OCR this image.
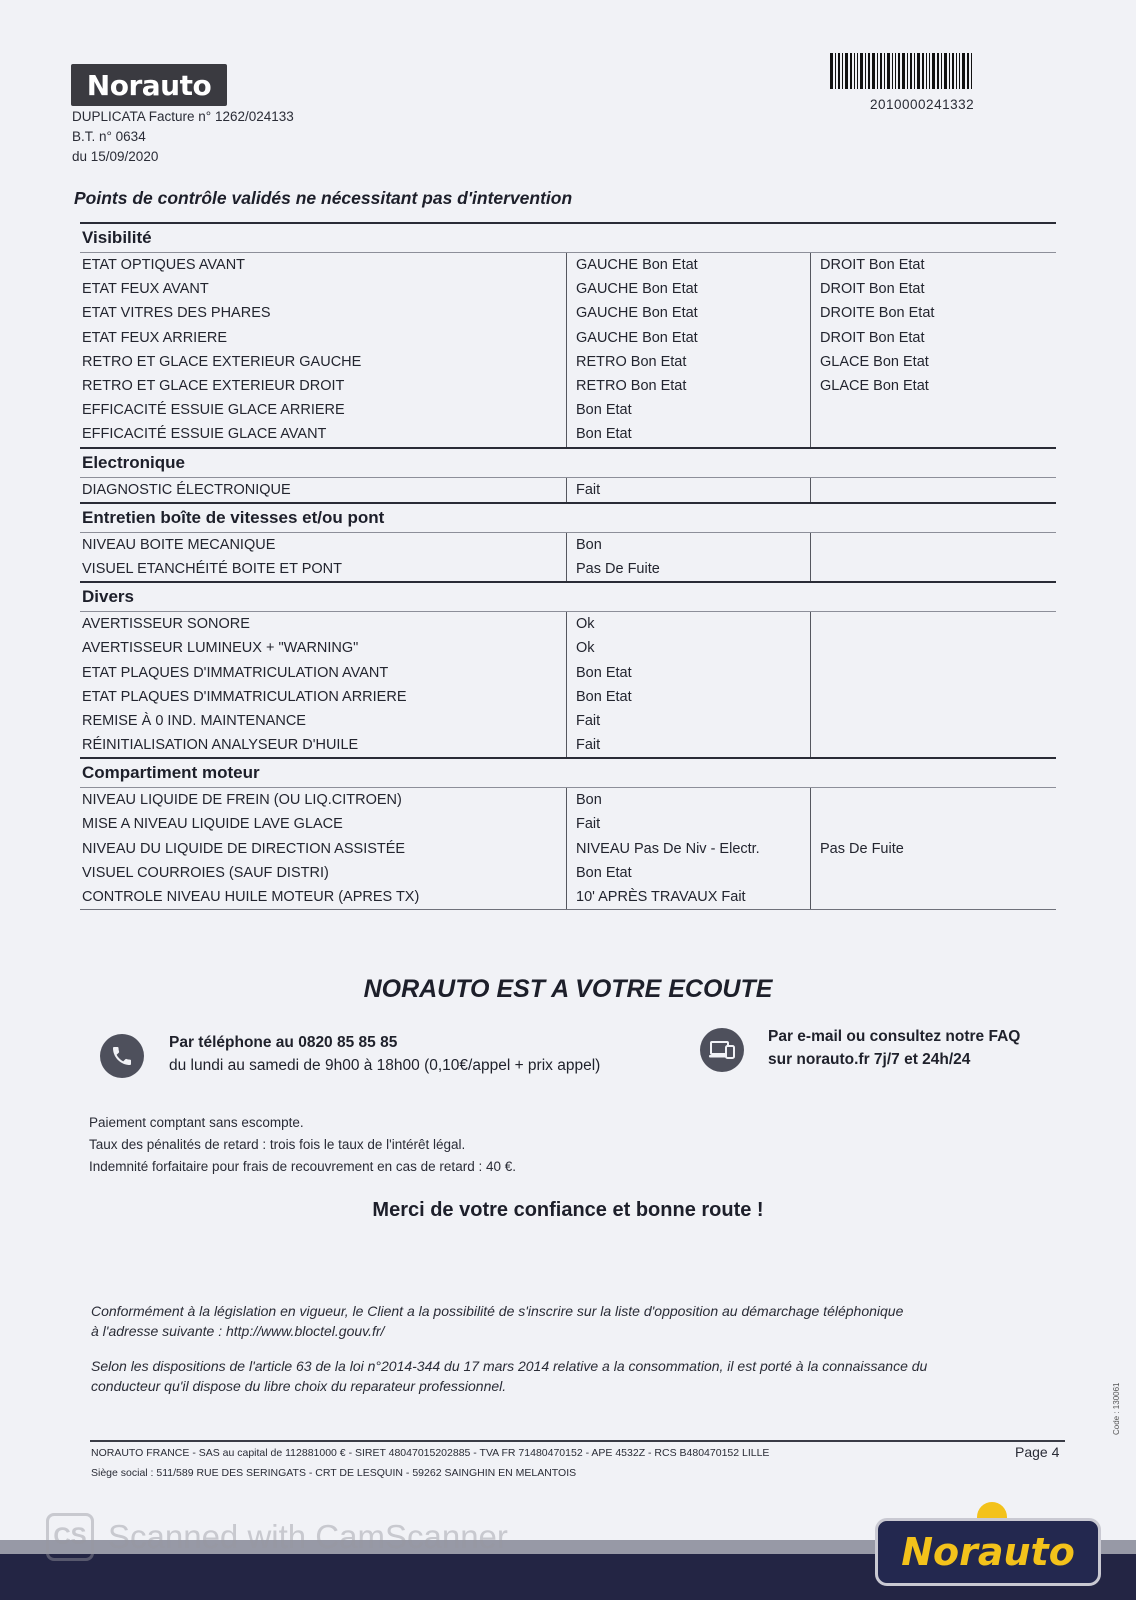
Norauto
DUPLICATA Facture n° 1262/024133
B.T. n° 0634
du 15/09/2020
2010000241332
Points de contrôle validés ne nécessitant pas d'intervention
Visibilité
ETAT OPTIQUES AVANT	GAUCHE Bon Etat	DROIT Bon Etat
ETAT FEUX AVANT	GAUCHE Bon Etat	DROIT Bon Etat
ETAT VITRES DES PHARES	GAUCHE Bon Etat	DROITE Bon Etat
ETAT FEUX ARRIERE	GAUCHE Bon Etat	DROIT Bon Etat
RETRO ET GLACE EXTERIEUR GAUCHE	RETRO Bon Etat	GLACE Bon Etat
RETRO ET GLACE EXTERIEUR DROIT	RETRO Bon Etat	GLACE Bon Etat
EFFICACITÉ ESSUIE GLACE ARRIERE	Bon Etat
EFFICACITÉ ESSUIE GLACE AVANT	Bon Etat
Electronique
DIAGNOSTIC ÉLECTRONIQUE	Fait
Entretien boîte de vitesses et/ou pont
NIVEAU BOITE MECANIQUE	Bon
VISUEL ETANCHÉITÉ BOITE ET PONT	Pas De Fuite
Divers
AVERTISSEUR SONORE	Ok
AVERTISSEUR LUMINEUX + "WARNING"	Ok
ETAT PLAQUES D'IMMATRICULATION AVANT	Bon Etat
ETAT PLAQUES D'IMMATRICULATION ARRIERE	Bon Etat
REMISE À 0 IND. MAINTENANCE	Fait
RÉINITIALISATION ANALYSEUR D'HUILE	Fait
Compartiment moteur
NIVEAU LIQUIDE DE FREIN (OU LIQ.CITROEN)	Bon
MISE A NIVEAU LIQUIDE LAVE GLACE	Fait
NIVEAU DU LIQUIDE DE DIRECTION ASSISTÉE	NIVEAU Pas De Niv - Electr.	Pas De Fuite
VISUEL COURROIES (SAUF DISTRI)	Bon Etat
CONTROLE NIVEAU HUILE MOTEUR (APRES TX)	10' APRÈS TRAVAUX Fait
NORAUTO EST A VOTRE ECOUTE
Par téléphone au 0820 85 85 85
du lundi au samedi de 9h00 à 18h00 (0,10€/appel + prix appel)
Par e-mail ou consultez notre FAQ
sur norauto.fr 7j/7 et 24h/24
Paiement comptant sans escompte.
Taux des pénalités de retard : trois fois le taux de l'intérêt légal.
Indemnité forfaitaire pour frais de recouvrement en cas de retard : 40 €.
Merci de votre confiance et bonne route !
Conformément à la législation en vigueur, le Client a la possibilité de s'inscrire sur la liste d'opposition au démarchage téléphonique
à l'adresse suivante : http://www.bloctel.gouv.fr/
Selon les dispositions de l'article 63 de la loi n°2014-344 du 17 mars 2014 relative a la consommation, il est porté à la connaissance du
conducteur qu'il dispose du libre choix du reparateur professionnel.
NORAUTO FRANCE - SAS au capital de 112881000 € - SIRET 48047015202885 - TVA FR 71480470152 - APE 4532Z - RCS B480470152 LILLE
Siège social : 511/589 RUE DES SERINGATS - CRT DE LESQUIN - 59262 SAINGHIN EN MELANTOIS
Page 4
Code : 130061
CS Scanned with CamScanner	Norauto
